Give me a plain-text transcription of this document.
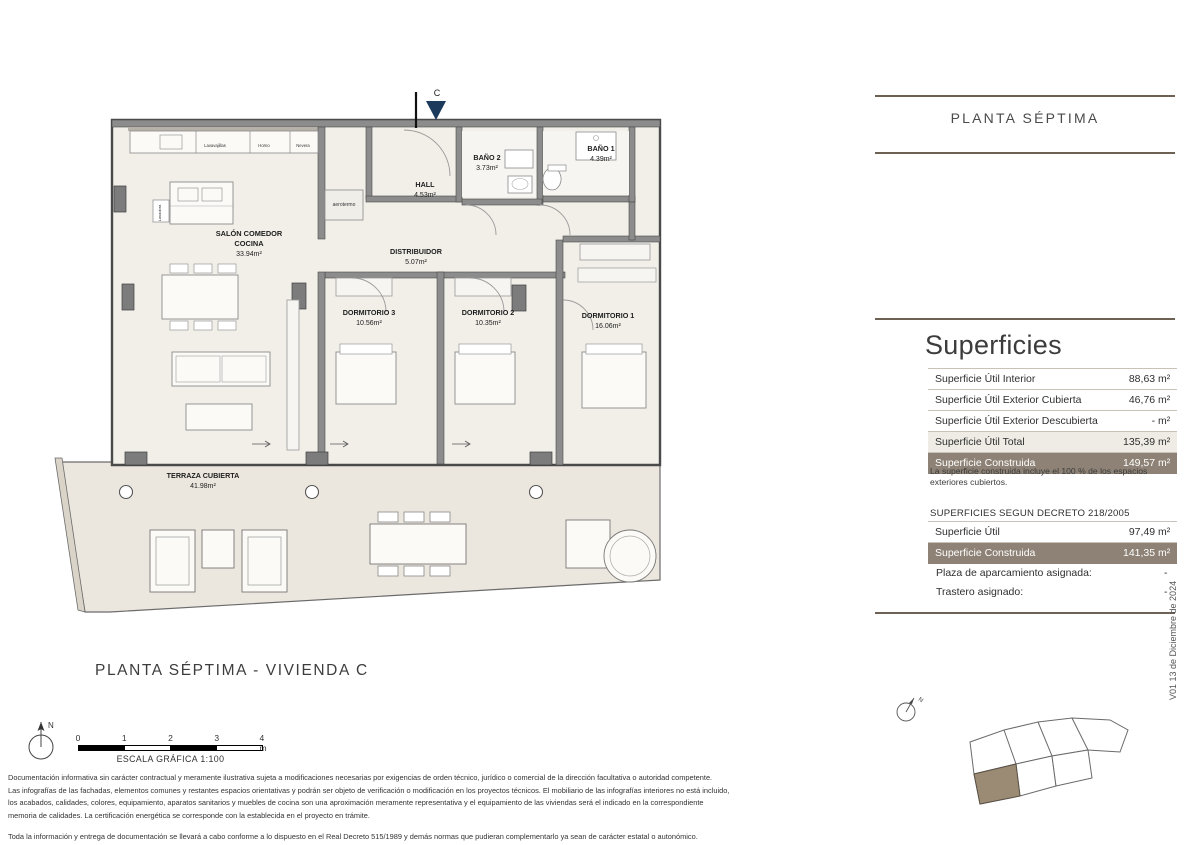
Lavavajillas	Horno	Nevera
Lavadora	aerotermo
C
SALÓN COMEDOR
COCINA
33.94m²
HALL
4.53m²
DISTRIBUIDOR
5.07m²
BAÑO 2
3.73m²
BAÑO 1
4.39m²
DORMITORIO 3
10.56m²
DORMITORIO 2
10.35m²
DORMITORIO 1
16.06m²
TERRAZA CUBIERTA
41.98m²
PLANTA SÉPTIMA - VIVIENDA C
N
0	1	2	3	4 m
ESCALA GRÁFICA 1:100
PLANTA SÉPTIMA
Superficies
Superficie Útil Interior	88,63 m²
Superficie Útil Exterior Cubierta	46,76 m²
Superficie Útil Exterior Descubierta	- m²
Superficie Útil Total	135,39 m²
Superficie Construida	149,57 m²
La superficie construida incluye el 100 % de los espacios exteriores cubiertos.
SUPERFICIES SEGUN DECRETO 218/2005
Superficie Útil	97,49 m²
Superficie Construida	141,35 m²
Plaza de aparcamiento asignada:	-
Trastero asignado:	-
N
V01 13 de Diciembre de 2024

Documentación informativa sin carácter contractual y meramente ilustrativa sujeta a modificaciones necesarias por exigencias de orden técnico, jurídico o comercial de la dirección facultativa o autoridad competente.

Las infografías de las fachadas, elementos comunes y restantes espacios orientativas y podrán ser objeto de verificación o modificación en los proyectos técnicos. El mobiliario de las infografías interiores no está incluido,

los acabados, calidades, colores, equipamiento, aparatos sanitarios y muebles de cocina son una aproximación meramente representativa y el equipamiento de las viviendas será el indicado en la correspondiente

memoria de calidades. La certificación energética se corresponde con la establecida en el proyecto en trámite.

Toda la información y entrega de documentación se llevará a cabo conforme a lo dispuesto en el Real Decreto 515/1989 y demás normas que pudieran complementarlo ya sean de carácter estatal o autonómico.
